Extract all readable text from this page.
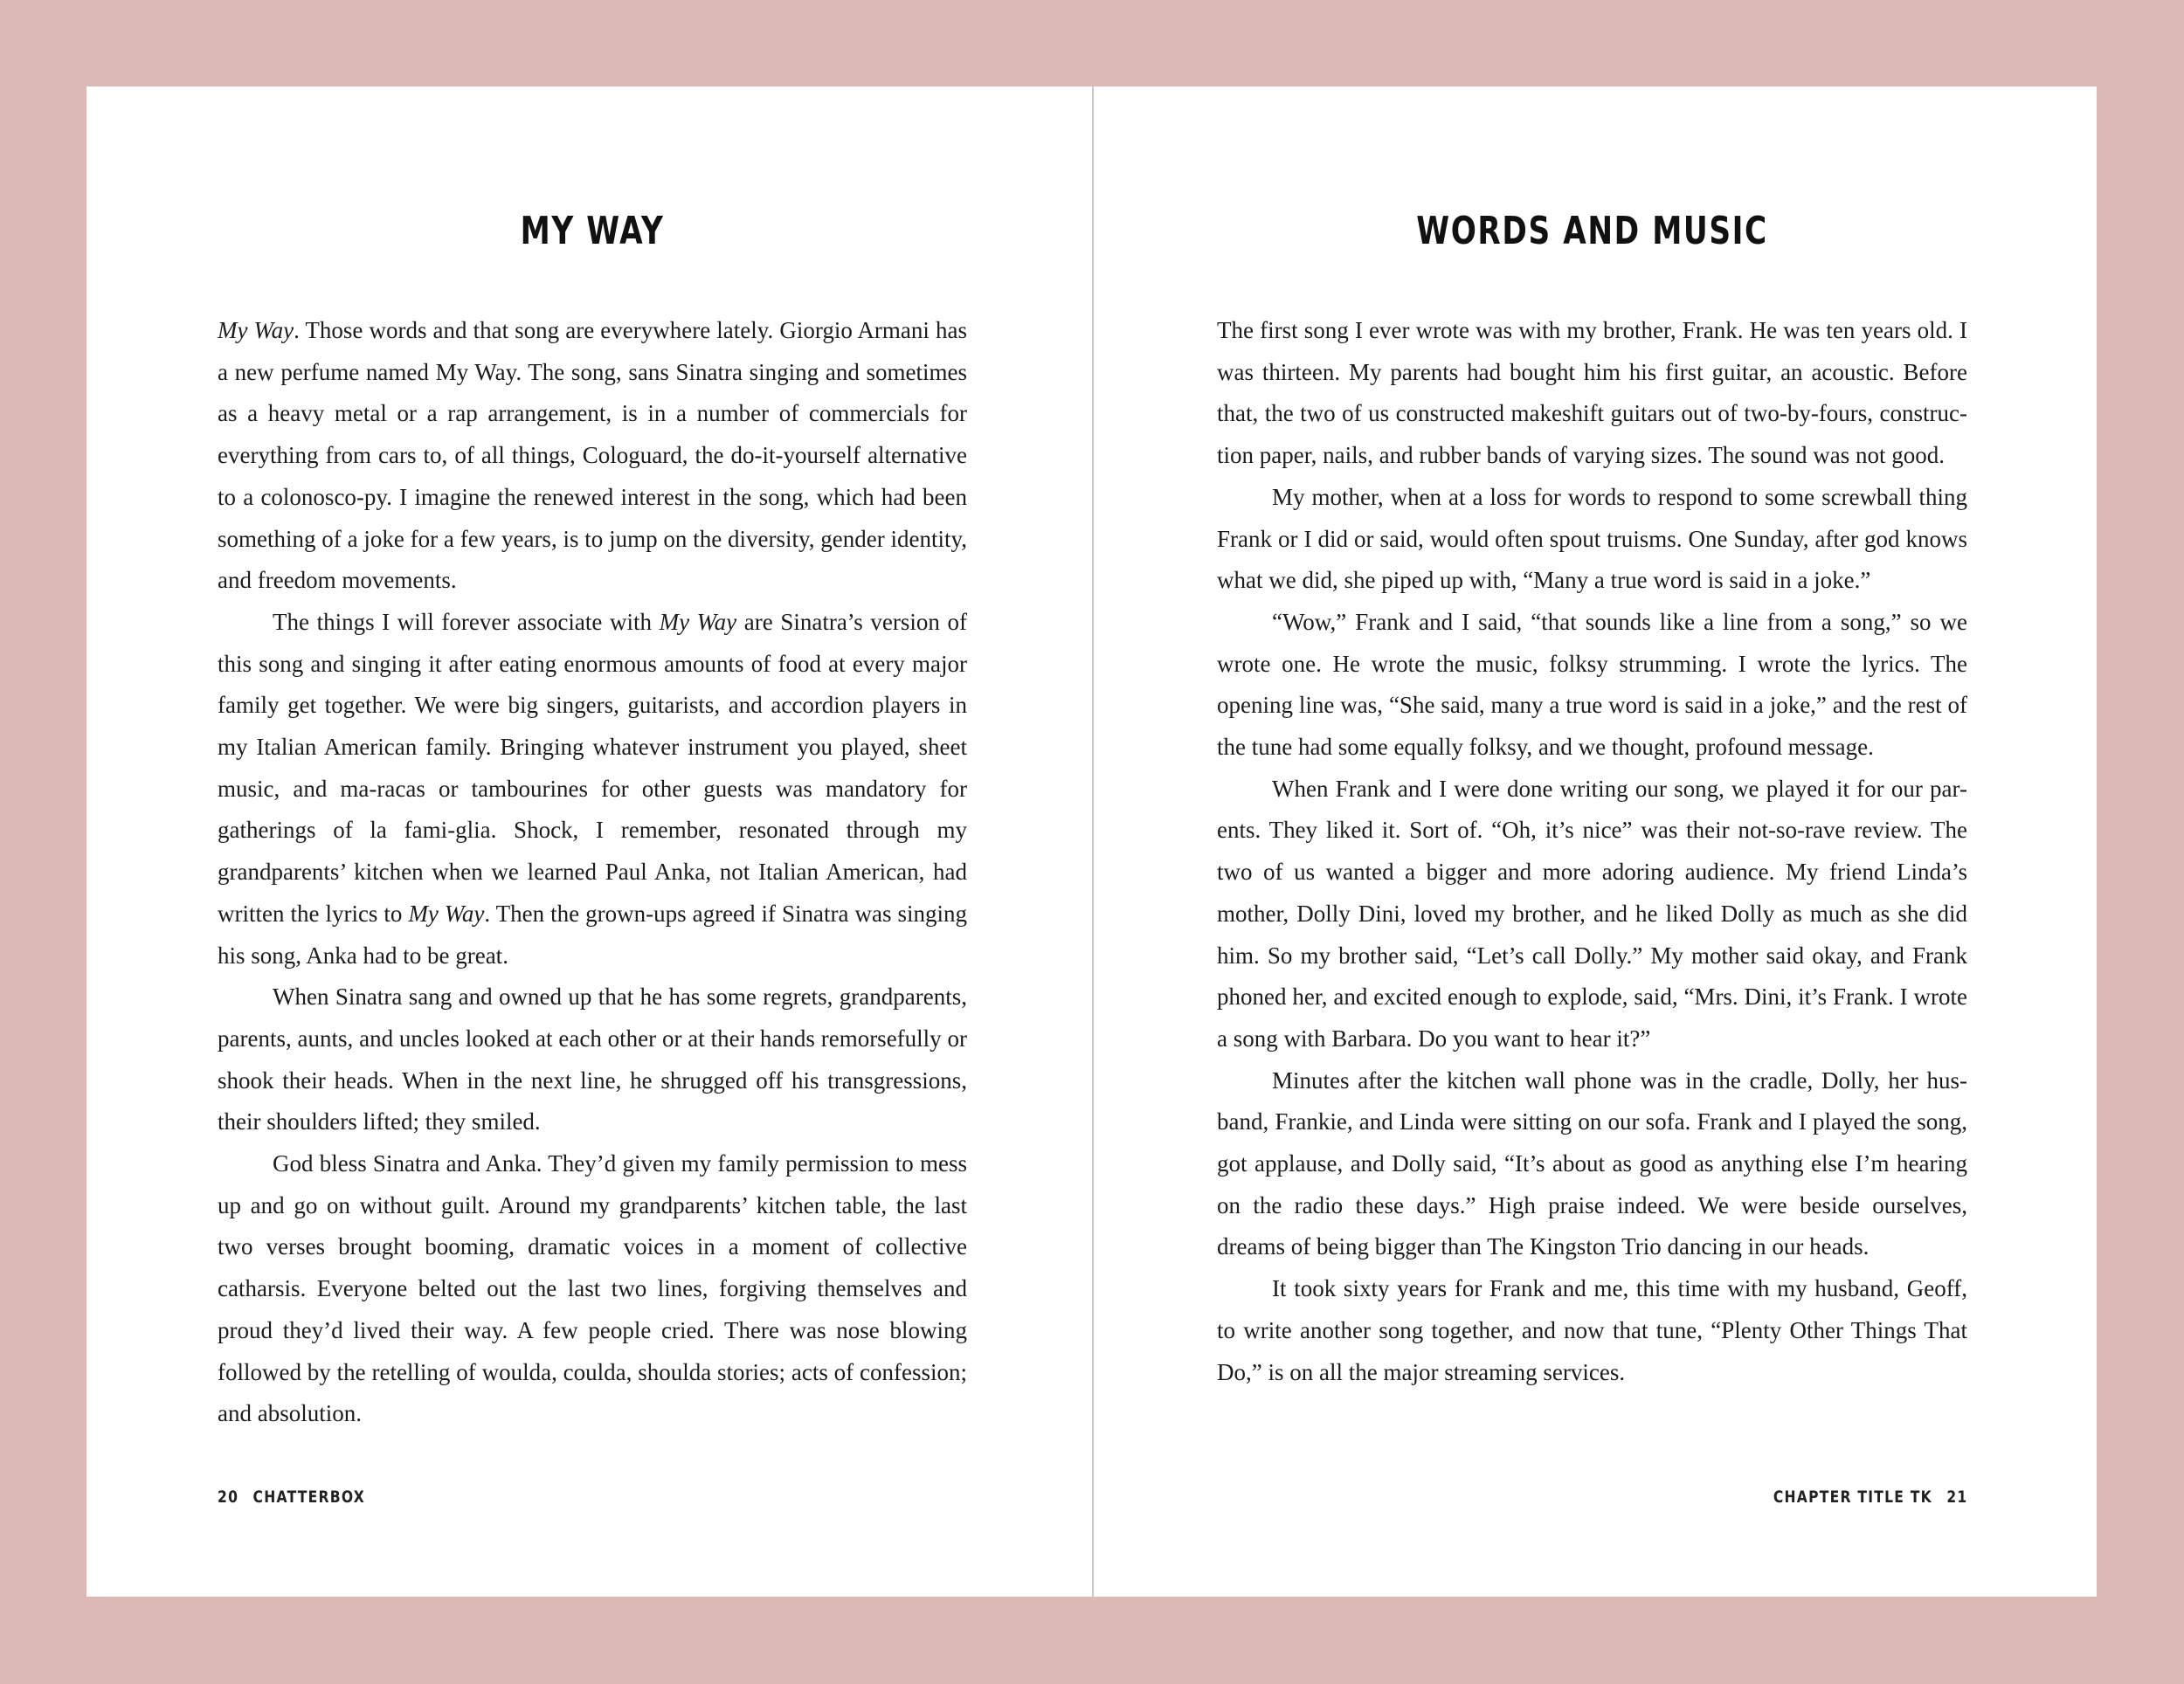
MY WAY

My Way. Those words and that song are everywhere lately. Giorgio Armani has a new perfume named My Way. The song, sans Sinatra singing and sometimes as a heavy metal or a rap arrangement, is in a number of commercials for everything from cars to, of all things, Cologuard, the do-it-yourself alternative to a colonosco-py. I imagine the renewed interest in the song, which had been something of a joke for a few years, is to jump on the diversity, gender identity, and freedom movements.

The things I will forever associate with My Way are Sinatra’s version of this song and singing it after eating enormous amounts of food at every major family get together. We were big singers, guitarists, and accordion players in my Italian American family. Bringing whatever instrument you played, sheet music, and ma-racas or tambourines for other guests was mandatory for gatherings of la fami-glia. Shock, I remember, resonated through my grandparents’ kitchen when we learned Paul Anka, not Italian American, had written the lyrics to My Way. Then the grown-ups agreed if Sinatra was singing his song, Anka had to be great.

When Sinatra sang and owned up that he has some regrets, grandparents, parents, aunts, and uncles looked at each other or at their hands remorsefully or shook their heads. When in the next line, he shrugged off his transgressions, their shoulders lifted; they smiled.

God bless Sinatra and Anka. They’d given my family permission to mess up and go on without guilt. Around my grandparents’ kitchen table, the last two verses brought booming, dramatic voices in a moment of collective catharsis. Everyone belted out the last two lines, forgiving themselves and proud they’d lived their way. A few people cried. There was nose blowing followed by the retelling of woulda, coulda, shoulda stories; acts of confession; and absolution.

20 CHATTERBOX
WORDS AND MUSIC

The first song I ever wrote was with my brother, Frank. He was ten years old. I was thirteen. My parents had bought him his first guitar, an acoustic. Before that, the two of us constructed makeshift guitars out of two-by-fours, construc-tion paper, nails, and rubber bands of varying sizes. The sound was not good.

My mother, when at a loss for words to respond to some screwball thing Frank or I did or said, would often spout truisms. One Sunday, after god knows what we did, she piped up with, “Many a true word is said in a joke.”

“Wow,” Frank and I said, “that sounds like a line from a song,” so we wrote one. He wrote the music, folksy strumming. I wrote the lyrics. The opening line was, “She said, many a true word is said in a joke,” and the rest of the tune had some equally folksy, and we thought, profound message.

When Frank and I were done writing our song, we played it for our par-ents. They liked it. Sort of. “Oh, it’s nice” was their not-so-rave review. The two of us wanted a bigger and more adoring audience. My friend Linda’s mother, Dolly Dini, loved my brother, and he liked Dolly as much as she did him. So my brother said, “Let’s call Dolly.” My mother said okay, and Frank phoned her, and excited enough to explode, said, “Mrs. Dini, it’s Frank. I wrote a song with Barbara. Do you want to hear it?”

Minutes after the kitchen wall phone was in the cradle, Dolly, her hus-band, Frankie, and Linda were sitting on our sofa. Frank and I played the song, got applause, and Dolly said, “It’s about as good as anything else I’m hearing on the radio these days.” High praise indeed. We were beside ourselves, dreams of being bigger than The Kingston Trio dancing in our heads.

It took sixty years for Frank and me, this time with my husband, Geoff, to write another song together, and now that tune, “Plenty Other Things That Do,” is on all the major streaming services.

CHAPTER TITLE TK 21
